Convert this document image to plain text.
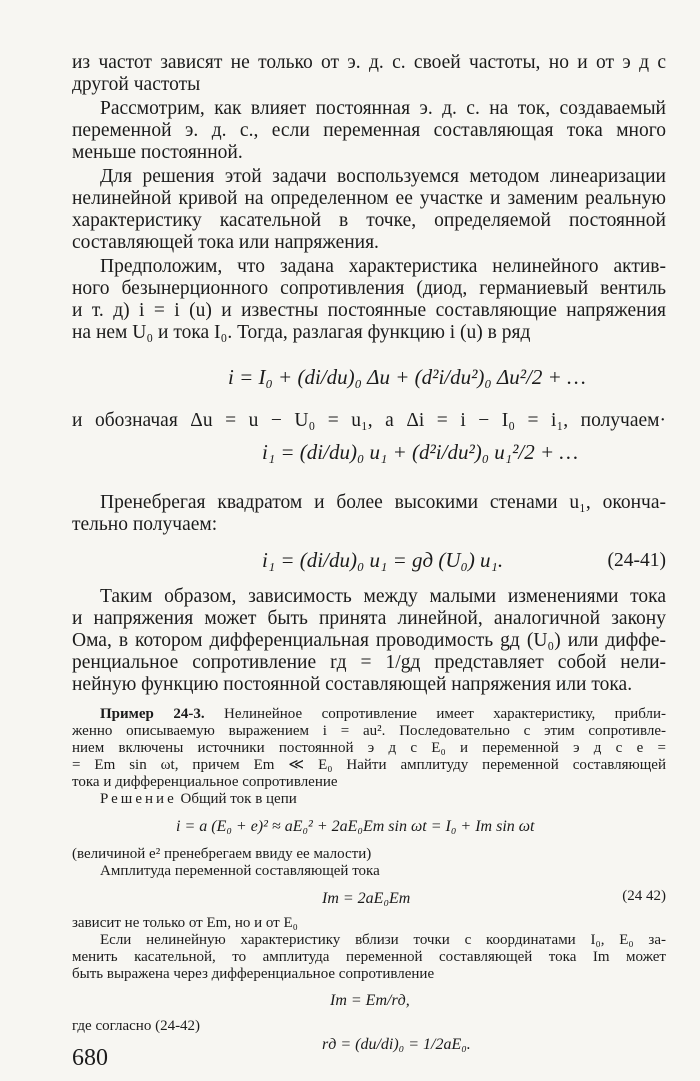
из частот зависят не только от э. д. с. своей частоты, но и от э д с
другой частоты
Рассмотрим, как влияет постоянная э. д. с. на ток, создаваемый
переменной э. д. с., если переменная составляющая тока много
меньше постоянной.
Для решения этой задачи воспользуемся методом линеаризации
нелинейной кривой на определенном ее участке и заменим реальную
характеристику касательной в точке, определяемой постоянной
составляющей тока или напряжения.
Предположим, что задана характеристика нелинейного актив-
ного безынерционного сопротивления (диод, германиевый вентиль
и т. д) i = i (u) и известны постоянные составляющие напряжения
на нем U₀ и тока I₀. Тогда, разлагая функцию i (u) в ряд
i = I₀ + (di/du)₀ Δu + (d²i/du²)₀ Δu²/2 + …
и обозначая Δu = u − U₀ = u₁, а Δi = i − I₀ = i₁, получаем·
i₁ = (di/du)₀ u₁ + (d²i/du²)₀ u₁²/2 + …
Пренебрегая квадратом и более высокими стенами u₁, оконча-
тельно получаем:
i₁ = (di/du)₀ u₁ = gд (U₀) u₁.	(24-41)
Таким образом, зависимость между малыми изменениями тока
и напряжения может быть принята линейной, аналогичной закону
Ома, в котором дифференциальная проводимость gд (U₀) или диффе-
ренциальное сопротивление rд = 1/gд представляет собой нели-
нейную функцию постоянной составляющей напряжения или тока.
Пример 24-3. Нелинейное сопротивление имеет характеристику, прибли-
женно описываемую выражением i = au². Последовательно с этим сопротивле-
нием включены источники постоянной э д с E₀ и переменной э д с e =
= Em sin ωt, причем Em ≪ E₀ Найти амплитуду переменной составляющей
тока и дифференциальное сопротивление
Решение Общий ток в цепи
i = a (E₀ + e)² ≈ aE₀² + 2aE₀Em sin ωt = I₀ + Im sin ωt
(величиной e² пренебрегаем ввиду ее малости)
Амплитуда переменной составляющей тока
Im = 2aE₀Em	(24 42)
зависит не только от Em, но и от E₀
Если нелинейную характеристику вблизи точки с координатами I₀, E₀ за-
менить касательной, то амплитуда переменной составляющей тока Im может
быть выражена через дифференциальное сопротивление
Im = Em/rд,
где согласно (24-42)
rд = (du/di)₀ = 1/2aE₀.
680
